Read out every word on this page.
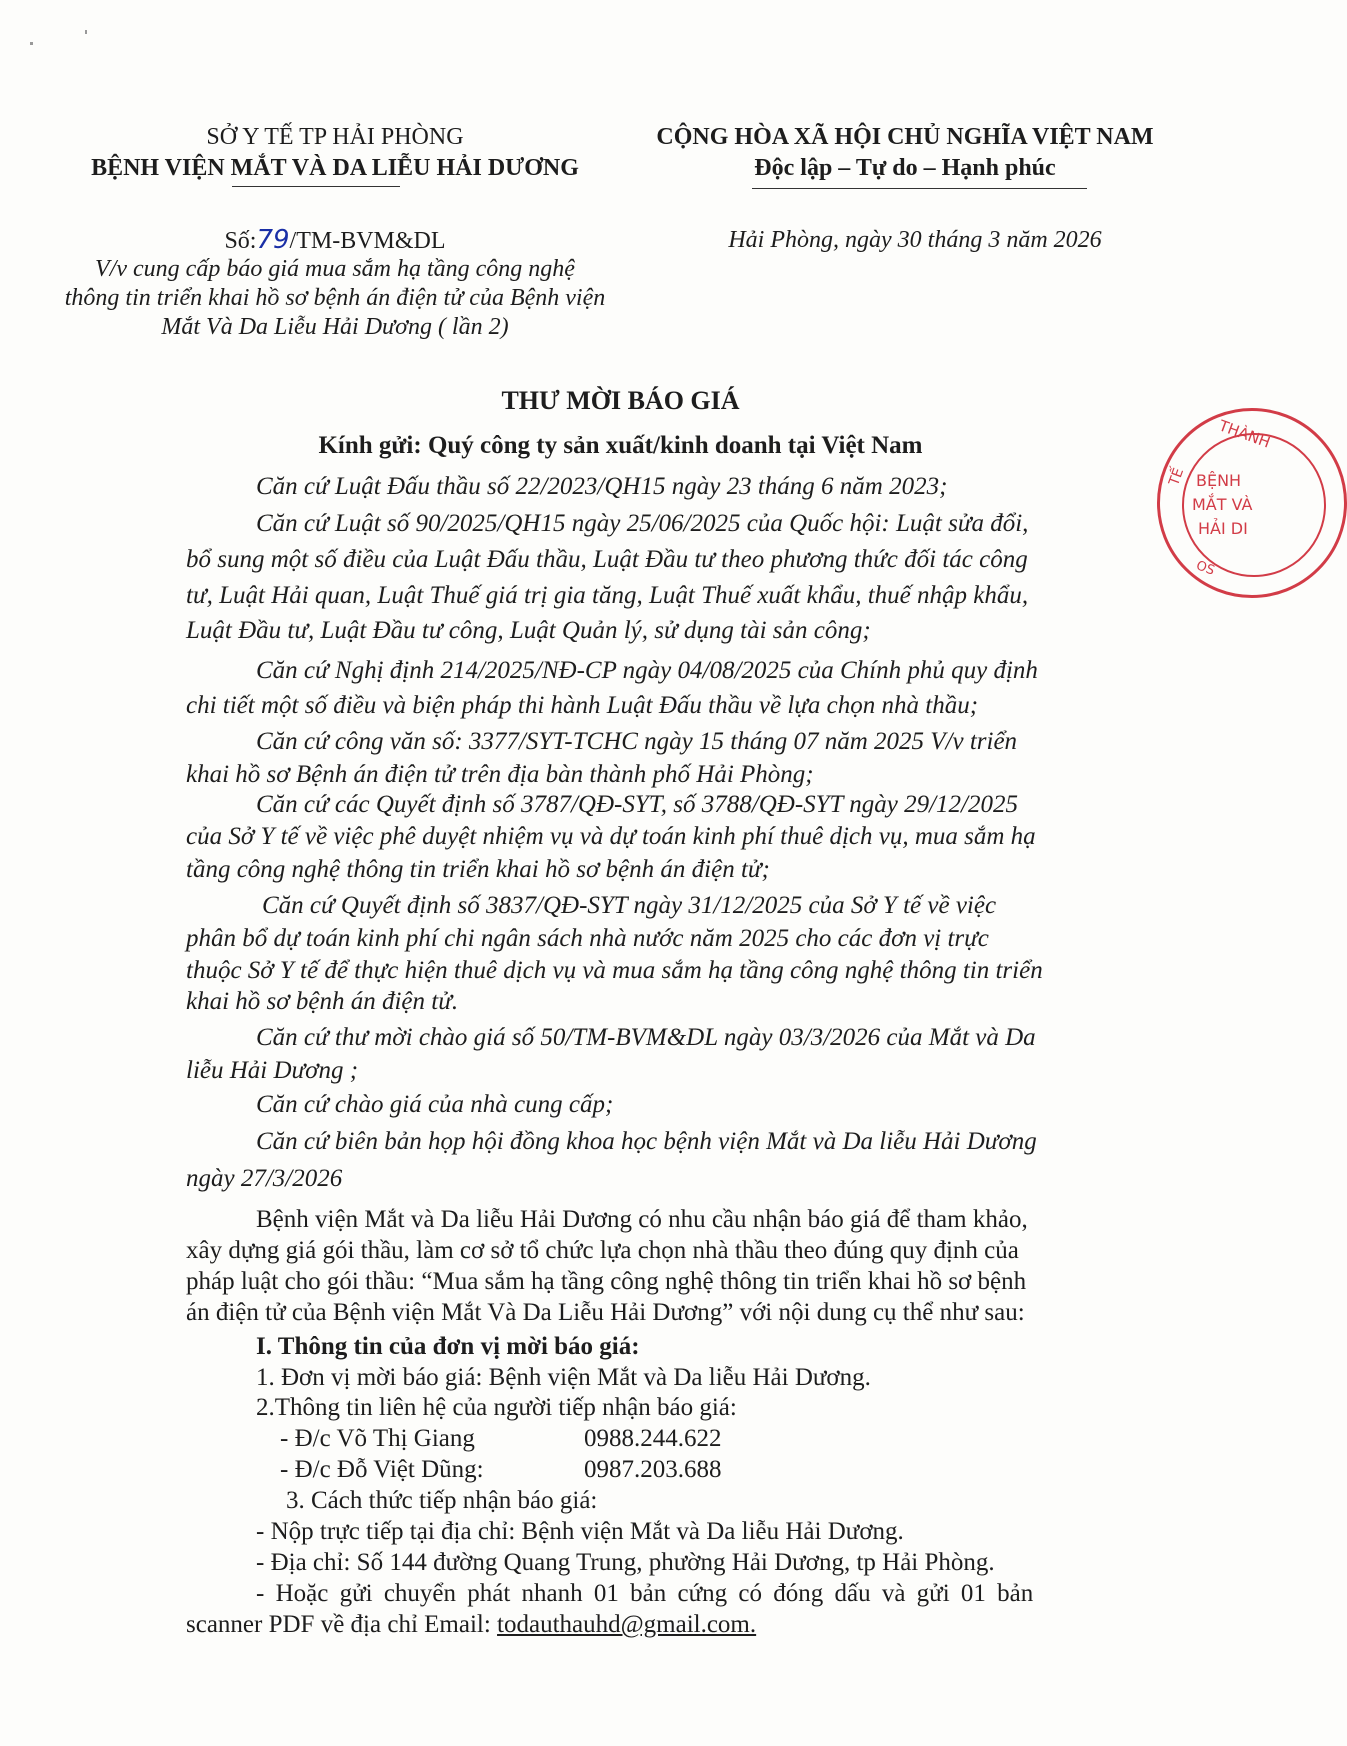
SỞ Y TẾ TP HẢI PHÒNG
BỆNH VIỆN MẮT VÀ DA LIỄU HẢI DƯƠNG
CỘNG HÒA XÃ HỘI CHỦ NGHĨA VIỆT NAM
Độc lập – Tự do – Hạnh phúc
Số:79/TM-BVM&DL
V/v cung cấp báo giá mua sắm hạ tầng công nghệ
thông tin triển khai hồ sơ bệnh án điện tử của Bệnh viện
Mắt Và Da Liễu Hải Dương ( lần 2)
Hải Phòng, ngày 30 tháng 3 năm 2026
THƯ MỜI BÁO GIÁ
Kính gửi: Quý công ty sản xuất/kinh doanh tại Việt Nam
Căn cứ Luật Đấu thầu số 22/2023/QH15 ngày 23 tháng 6 năm 2023;
Căn cứ Luật số 90/2025/QH15 ngày 25/06/2025 của Quốc hội: Luật sửa đổi,
bổ sung một số điều của Luật Đấu thầu, Luật Đầu tư theo phương thức đối tác công
tư, Luật Hải quan, Luật Thuế giá trị gia tăng, Luật Thuế xuất khẩu, thuế nhập khẩu,
Luật Đầu tư, Luật Đầu tư công, Luật Quản lý, sử dụng tài sản công;
Căn cứ Nghị định 214/2025/NĐ-CP ngày 04/08/2025 của Chính phủ quy định
chi tiết một số điều và biện pháp thi hành Luật Đấu thầu về lựa chọn nhà thầu;
Căn cứ công văn số: 3377/SYT-TCHC ngày 15 tháng 07 năm 2025 V/v triển
khai hồ sơ Bệnh án điện tử trên địa bàn thành phố Hải Phòng;
Căn cứ các Quyết định số 3787/QĐ-SYT, số 3788/QĐ-SYT ngày 29/12/2025
của Sở Y tế về việc phê duyệt nhiệm vụ và dự toán kinh phí thuê dịch vụ, mua sắm hạ
tầng công nghệ thông tin triển khai hồ sơ bệnh án điện tử;
Căn cứ Quyết định số 3837/QĐ-SYT ngày 31/12/2025 của Sở Y tế về việc
phân bổ dự toán kinh phí chi ngân sách nhà nước năm 2025 cho các đơn vị trực
thuộc Sở Y tế để thực hiện thuê dịch vụ và mua sắm hạ tầng công nghệ thông tin triển
khai hồ sơ bệnh án điện tử.
Căn cứ thư mời chào giá số 50/TM-BVM&DL ngày 03/3/2026 của Mắt và Da
liễu Hải Dương ;
Căn cứ chào giá của nhà cung cấp;
Căn cứ biên bản họp hội đồng khoa học bệnh viện Mắt và Da liễu Hải Dương
ngày 27/3/2026
Bệnh viện Mắt và Da liễu Hải Dương có nhu cầu nhận báo giá để tham khảo,
xây dựng giá gói thầu, làm cơ sở tổ chức lựa chọn nhà thầu theo đúng quy định của
pháp luật cho gói thầu: “Mua sắm hạ tầng công nghệ thông tin triển khai hồ sơ bệnh
án điện tử của Bệnh viện Mắt Và Da Liễu Hải Dương” với nội dung cụ thể như sau:
I. Thông tin của đơn vị mời báo giá:
1. Đơn vị mời báo giá: Bệnh viện Mắt và Da liễu Hải Dương.
2.Thông tin liên hệ của người tiếp nhận báo giá:
- Đ/c Võ Thị Giang	0988.244.622
- Đ/c Đỗ Việt Dũng:	0987.203.688
3. Cách thức tiếp nhận báo giá:
- Nộp trực tiếp tại địa chỉ: Bệnh viện Mắt và Da liễu Hải Dương.
- Địa chỉ: Số 144 đường Quang Trung, phường Hải Dương, tp Hải Phòng.
- Hoặc gửi chuyển phát nhanh 01 bản cứng có đóng dấu và gửi 01 bản
scanner PDF về địa chỉ Email: todauthauhd@gmail.com.
THÀNH
TẾ BỆNH
MẮT VÀ
HẢI DI
OS
